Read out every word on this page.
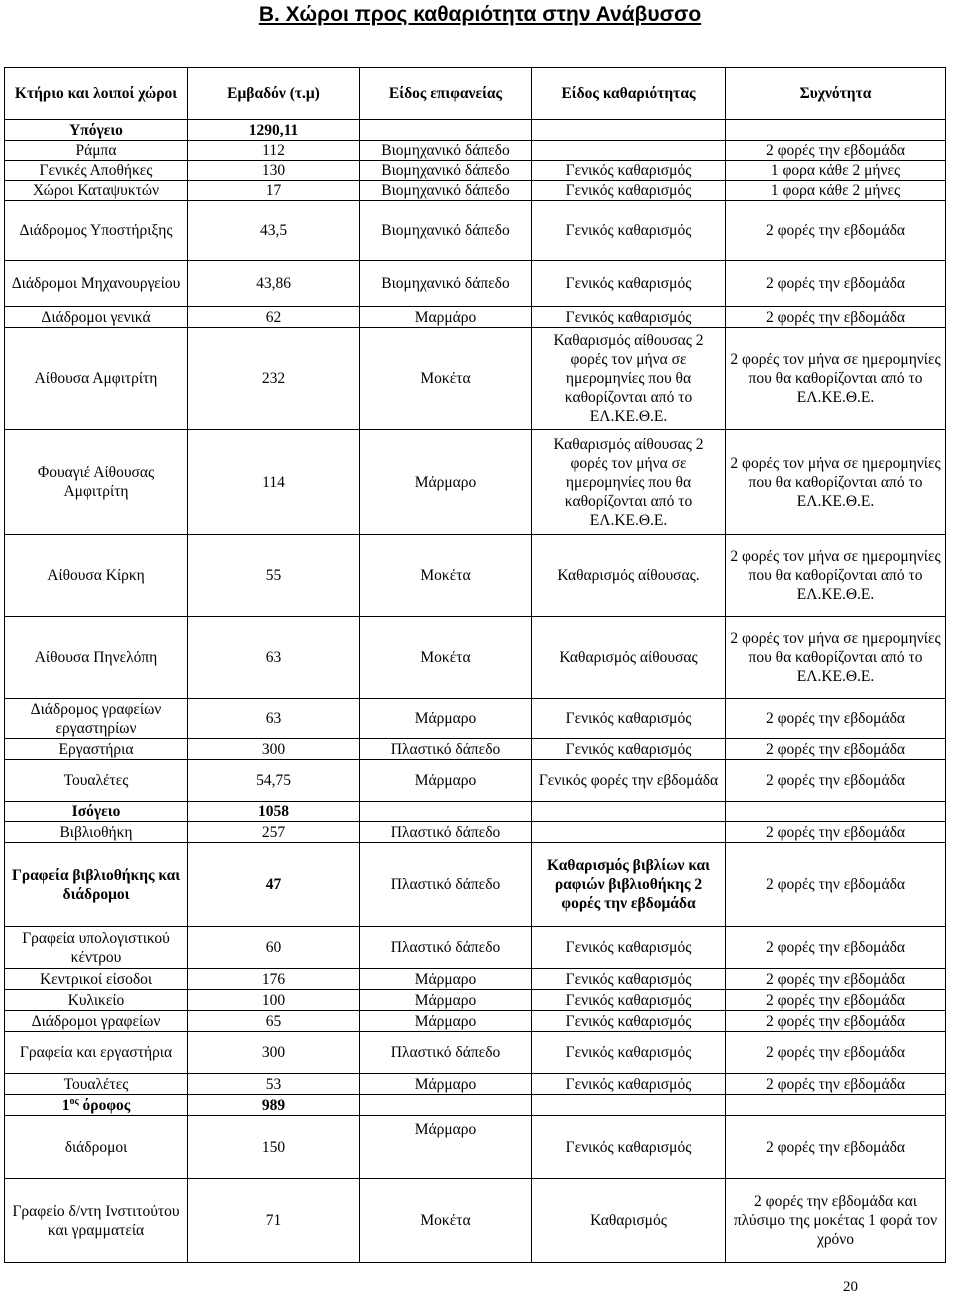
Β. Χώροι προς καθαριότητα στην Ανάβυσσο
Κτήριο και λοιποί χώροι	Εμβαδόν (τ.μ)	Είδος επιφανείας	Είδος καθαριότητας	Συχνότητα
Υπόγειο	1290,11			
Ράμπα	112	Βιομηχανικό δάπεδο		2 φορές την εβδομάδα
Γενικές Αποθήκες	130	Βιομηχανικό δάπεδο	Γενικός καθαρισμός	1 φορα κάθε 2 μήνες
Χώροι Καταψυκτών	17	Βιομηχανικό δάπεδο	Γενικός καθαρισμός	1 φορα κάθε 2 μήνες
Διάδρομος Υποστήριξης	43,5	Βιομηχανικό δάπεδο	Γενικός καθαρισμός	2 φορές την εβδομάδα
Διάδρομοι Μηχανουργείου	43,86	Βιομηχανικό δάπεδο	Γενικός καθαρισμός	2 φορές την εβδομάδα
Διάδρομοι γενικά	62	Μαρμάρο	Γενικός καθαρισμός	2 φορές την εβδομάδα
Αίθουσα Αμφιτρίτη	232	Μοκέτα	Καθαρισμός αίθουσας 2 φορές τον μήνα σε ημερομηνίες που θα καθορίζονται από το ΕΛ.ΚΕ.Θ.Ε.	2 φορές τον μήνα σε ημερομηνίες που θα καθορίζονται από το ΕΛ.ΚΕ.Θ.Ε.
Φουαγιέ Αίθουσας Αμφιτρίτη	114	Μάρμαρο	Καθαρισμός αίθουσας 2 φορές τον μήνα σε ημερομηνίες που θα καθορίζονται από το ΕΛ.ΚΕ.Θ.Ε.	2 φορές τον μήνα σε ημερομηνίες που θα καθορίζονται από το ΕΛ.ΚΕ.Θ.Ε.
Αίθουσα Κίρκη	55	Μοκέτα	Καθαρισμός αίθουσας.	2 φορές τον μήνα σε ημερομηνίες που θα καθορίζονται από το ΕΛ.ΚΕ.Θ.Ε.
Αίθουσα Πηνελόπη	63	Μοκέτα	Καθαρισμός αίθουσας	2 φορές τον μήνα σε ημερομηνίες που θα καθορίζονται από το ΕΛ.ΚΕ.Θ.Ε.
Διάδρομος γραφείων εργαστηρίων	63	Μάρμαρο	Γενικός καθαρισμός	2 φορές την εβδομάδα
Εργαστήρια	300	Πλαστικό δάπεδο	Γενικός καθαρισμός	2 φορές την εβδομάδα
Τουαλέτες	54,75	Μάρμαρο	Γενικός φορές την εβδομάδα	2 φορές την εβδομάδα
Ισόγειο	1058			
Βιβλιοθήκη	257	Πλαστικό δάπεδο		2 φορές την εβδομάδα
Γραφεία βιβλιοθήκης και διάδρομοι	47	Πλαστικό δάπεδο	Καθαρισμός βιβλίων και ραφιών βιβλιοθήκης 2 φορές την εβδομάδα	2 φορές την εβδομάδα
Γραφεία υπολογιστικού κέντρου	60	Πλαστικό δάπεδο	Γενικός καθαρισμός	2 φορές την εβδομάδα
Κεντρικοί είσοδοι	176	Μάρμαρο	Γενικός καθαρισμός	2 φορές την εβδομάδα
Κυλικείο	100	Μάρμαρο	Γενικός καθαρισμός	2 φορές την εβδομάδα
Διάδρομοι γραφείων	65	Μάρμαρο	Γενικός καθαρισμός	2 φορές την εβδομάδα
Γραφεία και εργαστήρια	300	Πλαστικό δάπεδο	Γενικός καθαρισμός	2 φορές την εβδομάδα
Τουαλέτες	53	Μάρμαρο	Γενικός καθαρισμός	2 φορές την εβδομάδα
$1^{o\varsigma}$ όροφος	989			
διάδρομοι	150	Μάρμαρο	Γενικός καθαρισμός	2 φορές την εβδομάδα
Γραφείο δ/ντη Ινστιτούτου και γραμματεία	71	Μοκέτα	Καθαρισμός	2 φορές την εβδομάδα και πλύσιμο της μοκέτας 1 φορά τον χρόνο
20
